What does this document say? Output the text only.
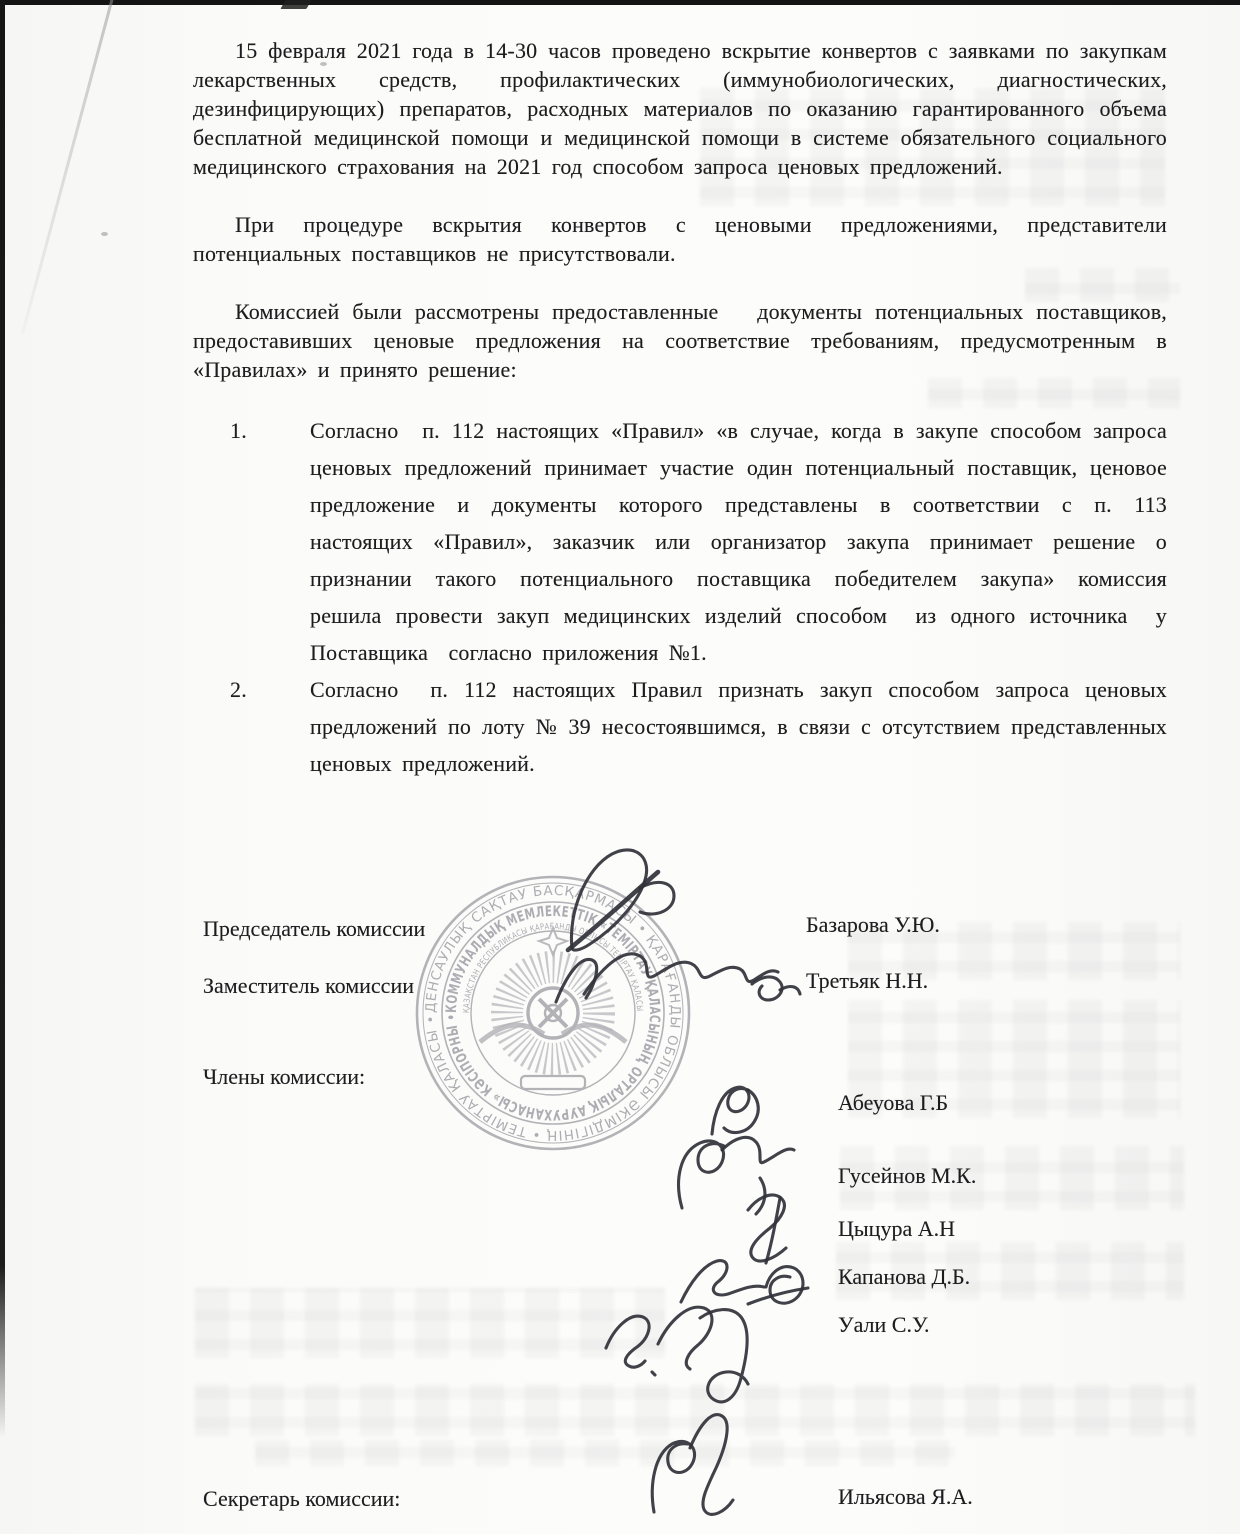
15 февраля 2021 года в 14-30 часов проведено вскрытие конвертов с заявками по закупкам лекарственных средств, профилактических (иммунобиологических, диагностических, дезинфицирующих) препаратов, расходных материалов по оказанию гарантированного объема бесплатной медицинской помощи и медицинской помощи в системе обязательного социального медицинского страхования на 2021 год способом запроса ценовых предложений.

При процедуре вскрытия конвертов с ценовыми предложениями, представители потенциальных поставщиков не присутствовали.

Комиссией были рассмотрены предоставленные   документы потенциальных поставщиков, предоставивших ценовые предложения на соответствие требованиям, предусмотренным в «Правилах» и принято решение:

1.	Согласно  п. 112 настоящих «Правил» «в случае, когда в закупе способом запроса ценовых предложений принимает участие один потенциальный поставщик, ценовое предложение и документы которого представлены в соответствии с п. 113 настоящих «Правил», заказчик или организатор закупа принимает решение о признании такого потенциального поставщика победителем закупа» комиссия решила провести закуп медицинских изделий способом  из одного источника  у Поставщика  согласно приложения №1.
2.	Согласно  п. 112 настоящих Правил признать закуп способом запроса ценовых предложений по лоту № 39 несостоявшимся, в связи с отсутствием представленных ценовых предложений.
Председатель комиссии
Заместитель комиссии
Члены комиссии:
Секретарь комиссии:
Базарова У.Ю.
Третьяк Н.Н.
Абеуова Г.Б
Гусейнов М.К.
Цыцура А.Н
Капанова Д.Б.
Уали С.У.
Ильясова Я.А.
ДЕНСАУЛЫҚ САҚТАУ БАСҚАРМАСЫ • ҚАРАҒАНДЫ ОБЛЫСЫ ӘКІМДІГІНІҢ • ТЕМІРТАУ ҚАЛАСЫ •
КОММУНАЛДЫҚ МЕМЛЕКЕТТІК «ТЕМІРТАУ ҚАЛАСЫНЫҢ ОРТАЛЫҚ АУРУХАНАСЫ» КӘСІПОРНЫ •
ҚАЗАҚСТАН РЕСПУБЛИКАСЫ ҚАРАҒАНДЫ ОБЛЫСЫ ТЕМІРТАУ ҚАЛАСЫ
